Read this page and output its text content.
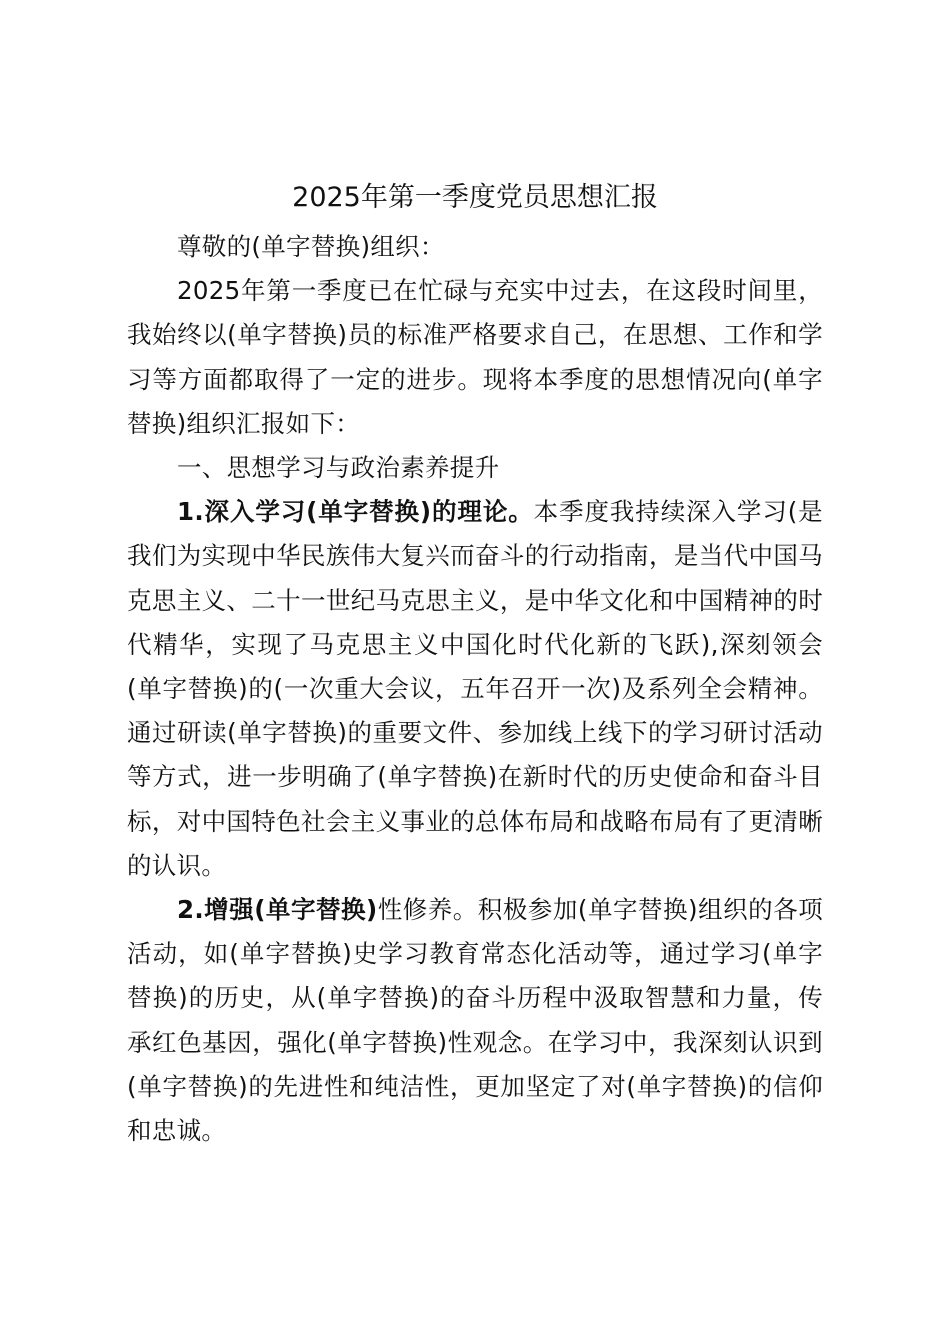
2025年第一季度党员思想汇报

尊敬的(单字替换)组织：

2025年第一季度已在忙碌与充实中过去，在这段时间里，我始终以(单字替换)员的标准严格要求自己，在思想、工作和学习等方面都取得了一定的进步。现将本季度的思想情况向(单字替换)组织汇报如下：

一、思想学习与政治素养提升

1.深入学习(单字替换)的理论。本季度我持续深入学习(是我们为实现中华民族伟大复兴而奋斗的行动指南，是当代中国马克思主义、二十一世纪马克思主义，是中华文化和中国精神的时代精华，实现了马克思主义中国化时代化新的飞跃),深刻领会(单字替换)的(一次重大会议，五年召开一次)及系列全会精神。通过研读(单字替换)的重要文件、参加线上线下的学习研讨活动等方式，进一步明确了(单字替换)在新时代的历史使命和奋斗目标，对中国特色社会主义事业的总体布局和战略布局有了更清晰的认识。

2.增强(单字替换)性修养。积极参加(单字替换)组织的各项活动，如(单字替换)史学习教育常态化活动等，通过学习(单字替换)的历史，从(单字替换)的奋斗历程中汲取智慧和力量，传承红色基因，强化(单字替换)性观念。在学习中，我深刻认识到(单字替换)的先进性和纯洁性，更加坚定了对(单字替换)的信仰和忠诚。
